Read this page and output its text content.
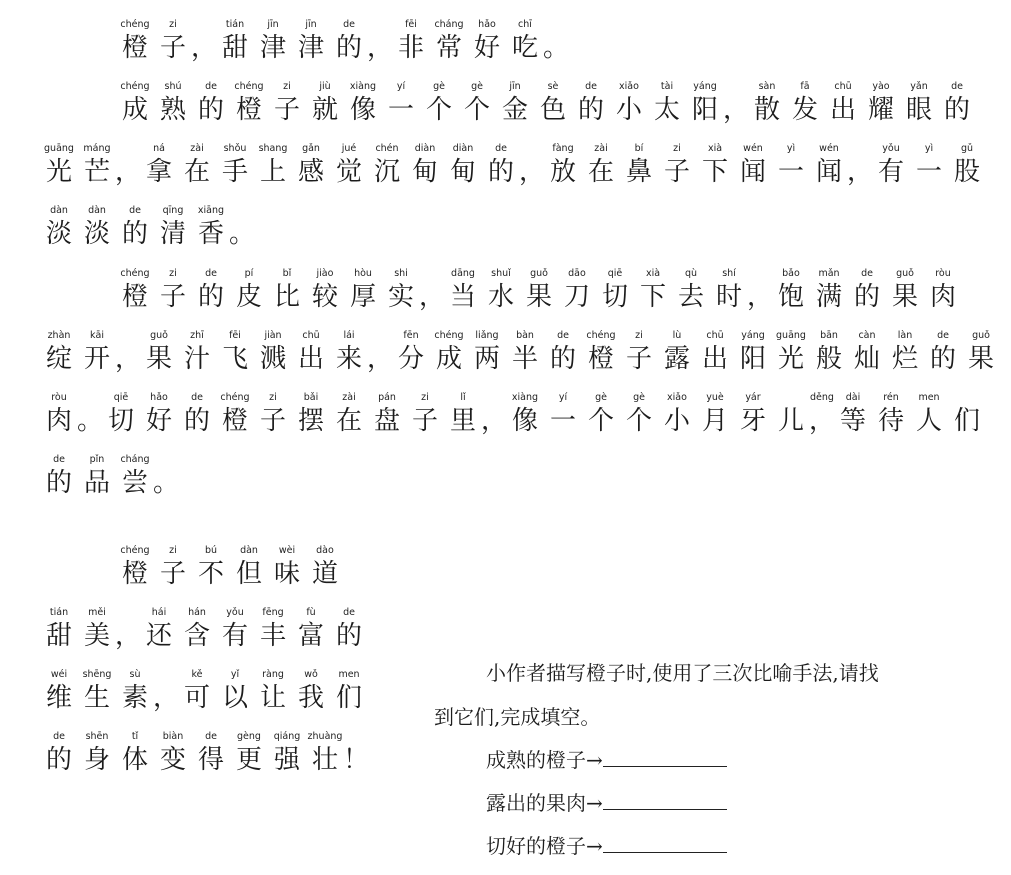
chéng
橙
zi
子 ，
tián
甜
jīn
津
jīn
津
de
的 ，
fēi
非
cháng
常
hǎo
好
chī
吃 。
chéng
成
shú
熟
de
的
chéng
橙
zi
子
jiù
就
xiàng
像
yí
一
gè
个
gè
个
jīn
金
sè
色
de
的
xiǎo
小
tài
太
yáng
阳 ，
sàn
散
fā
发
chū
出
yào
耀
yǎn
眼
de
的
guāng
光
máng
芒 ，
ná
拿
zài
在
shǒu
手
shang
上
gǎn
感
jué
觉
chén
沉
diàn
甸
diàn
甸
de
的 ，
fàng
放
zài
在
bí
鼻
zi
子
xià
下
wén
闻
yì
一
wén
闻 ，
yǒu
有
yì
一
gǔ
股
dàn
淡
dàn
淡
de
的
qīng
清
xiāng
香 。
chéng
橙
zi
子
de
的
pí
皮
bǐ
比
jiào
较
hòu
厚
shi
实 ，
dāng
当
shuǐ
水
guǒ
果
dāo
刀
qiē
切
xià
下
qù
去
shí
时 ，
bǎo
饱
mǎn
满
de
的
guǒ
果
ròu
肉
zhàn
绽
kāi
开 ，
guǒ
果
zhī
汁
fēi
飞
jiàn
溅
chū
出
lái
来 ，
fēn
分
chéng
成
liǎng
两
bàn
半
de
的
chéng
橙
zi
子
lù
露
chū
出
yáng
阳
guāng
光
bān
般
càn
灿
làn
烂
de
的
guǒ
果
ròu
肉 。
qiē
切
hǎo
好
de
的
chéng
橙
zi
子
bǎi
摆
zài
在
pán
盘
zi
子
lǐ
里 ，
xiàng
像
yí
一
gè
个
gè
个
xiǎo
小
yuè
月
yár
牙 儿
děng
，
dài
等
rén
待
men
人 们
de
的
pǐn
品
cháng
尝 。
chéng
橙
zi
子
bú
不
dàn
但
wèi
味
dào
道
tián
甜
měi
美 ，
hái
还
hán
含
yǒu
有
fēng
丰
fù
富
de
的
wéi
维
shēng
生
sù
素 ，
kě
可
yǐ
以
ràng
让
wǒ
我
men
们
de
的
shēn
身
tǐ
体
biàn
变
de
得
gèng
更
qiáng
强
zhuàng
壮 ！
小作者描写橙子时,使用了三次比喻手法,请找
到它们,完成填空。
成熟的橙子→
露出的果肉→
切好的橙子→
